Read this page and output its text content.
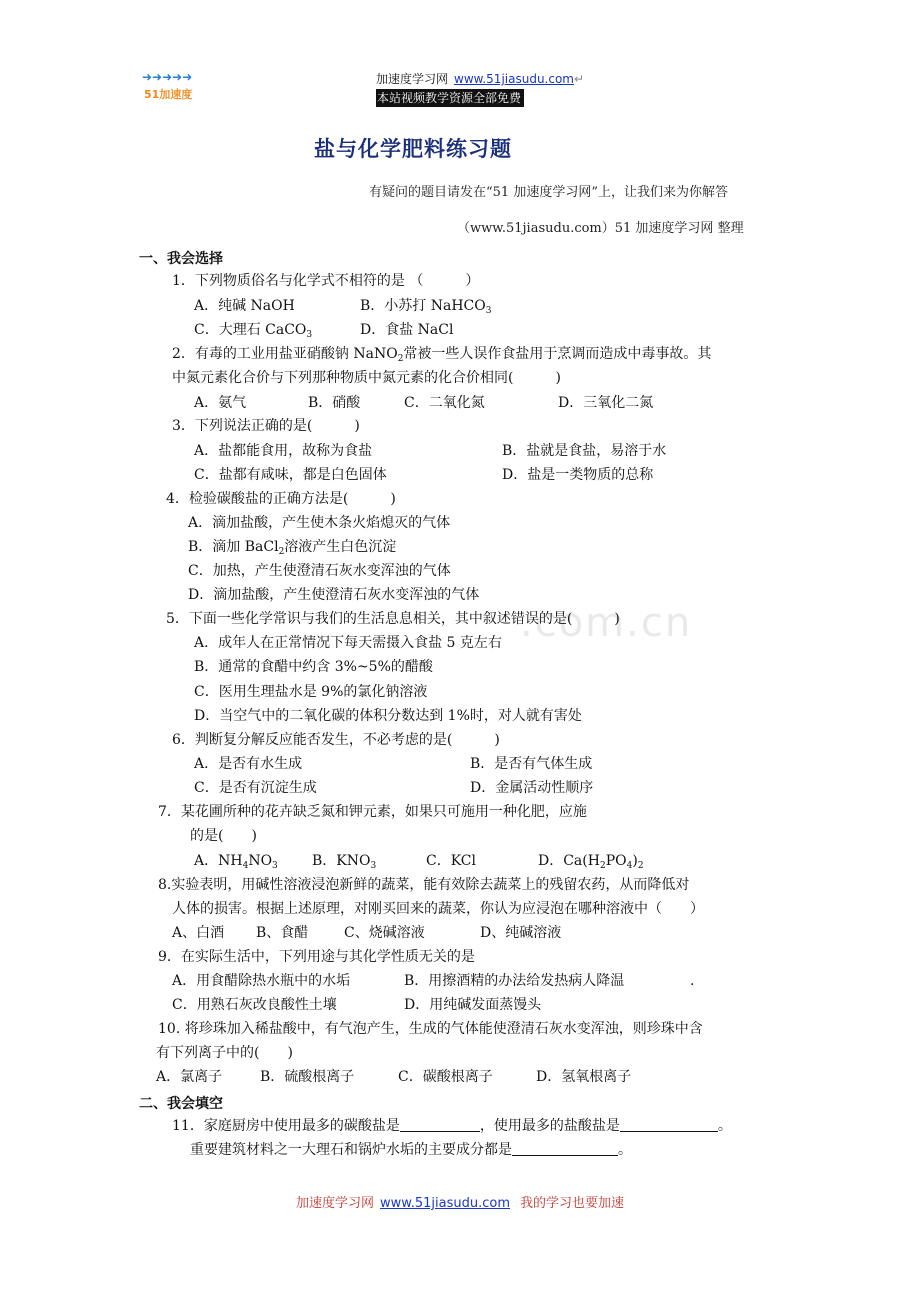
➜➜➜➜➜
51加速度
加速度学习网 www.51jiasudu.com↵
本站视频教学资源全部免费
盐与化学肥料练习题
有疑问的题目请发在“51 加速度学习网”上，让我们来为你解答
（www.51jiasudu.com）51 加速度学习网 整理
.com.cn
一、我会选择
1．下列物质俗名与化学式不相符的是 （　　　）
A．纯碱 NaOH	B．小苏打 NaHCO$_3$
C．大理石 CaCO$_3$	D．食盐 NaCl
2．有毒的工业用盐亚硝酸钠 NaNO$_2$常被一些人误作食盐用于烹调而造成中毒事故。其
中氮元素化合价与下列那种物质中氮元素的化合价相同(　　　)
A．氨气	B．硝酸	C．二氧化氮	D．三氧化二氮
3．下列说法正确的是(　　　)
A．盐都能食用，故称为食盐	B．盐就是食盐，易溶于水
C．盐都有咸味，都是白色固体	D．盐是一类物质的总称
4．检验碳酸盐的正确方法是(　　　)
A．滴加盐酸，产生使木条火焰熄灭的气体
B．滴加 BaCl$_2$溶液产生白色沉淀
C．加热，产生使澄清石灰水变浑浊的气体
D．滴加盐酸，产生使澄清石灰水变浑浊的气体
5．下面一些化学常识与我们的生活息息相关，其中叙述错误的是(　　　)
A．成年人在正常情况下每天需摄入食盐 5 克左右
B．通常的食醋中约含 3%~5%的醋酸
C．医用生理盐水是 9%的氯化钠溶液
D．当空气中的二氧化碳的体积分数达到 1%时，对人就有害处
6．判断复分解反应能否发生，不必考虑的是(　　　)
A．是否有水生成	B．是否有气体生成
C．是否有沉淀生成	D．金属活动性顺序
7．某花圃所种的花卉缺乏氮和钾元素，如果只可施用一种化肥，应施
的是(　　)
A．$NH_4NO_3$ B．$KNO_3$	C．KCl	D．$Ca(H_2PO_4)_2$
8.实验表明，用碱性溶液浸泡新鲜的蔬菜，能有效除去蔬菜上的残留农药，从而降低对
人体的损害。根据上述原理，对刚买回来的蔬菜，你认为应浸泡在哪种溶液中（　　）
A、白酒 B、食醋	C、烧碱溶液	D、纯碱溶液
9．在实际生活中，下列用途与其化学性质无关的是
A．用食醋除热水瓶中的水垢	B．用擦酒精的办法给发热病人降温	.
C．用熟石灰改良酸性土壤	D．用纯碱发面蒸馒头
10. 将珍珠加入稀盐酸中，有气泡产生，生成的气体能使澄清石灰水变浑浊，则珍珠中含
有下列离子中的(　　)
A．氯离子	B．硫酸根离子	C．碳酸根离子	D．氢氧根离子
二、我会填空
11．家庭厨房中使用最多的碳酸盐是	，使用最多的盐酸盐是	。
重要建筑材料之一大理石和锅炉水垢的主要成分都是	。
加速度学习网 www.51jiasudu.com 我的学习也要加速
